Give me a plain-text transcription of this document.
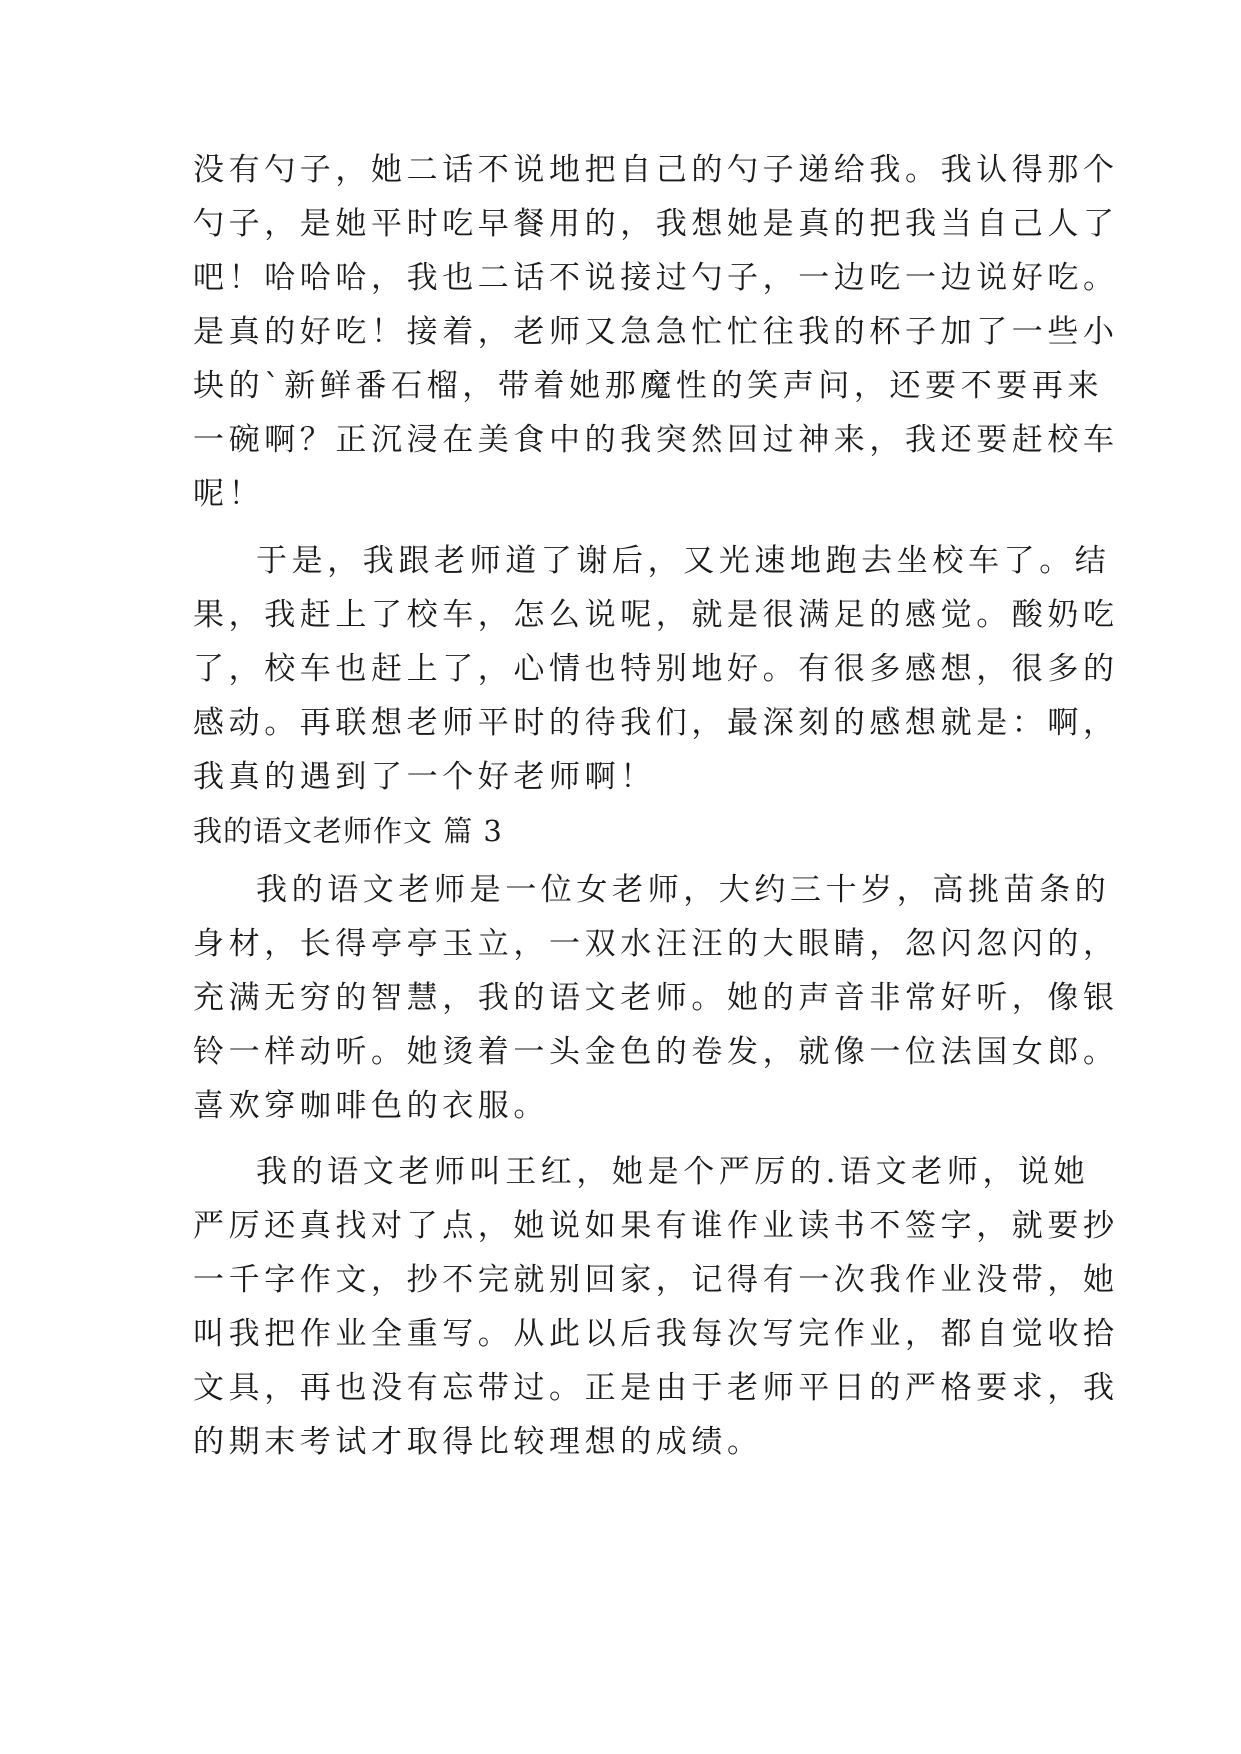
没有勺子，她二话不说地把自己的勺子递给我。我认得那个
勺子，是她平时吃早餐用的，我想她是真的把我当自己人了
吧！哈哈哈，我也二话不说接过勺子，一边吃一边说好吃。
是真的好吃！接着，老师又急急忙忙往我的杯子加了一些小
块的`新鲜番石榴，带着她那魔性的笑声问，还要不要再来
一碗啊？正沉浸在美食中的我突然回过神来，我还要赶校车
呢！
于是，我跟老师道了谢后，又光速地跑去坐校车了。结
果，我赶上了校车，怎么说呢，就是很满足的感觉。酸奶吃
了，校车也赶上了，心情也特别地好。有很多感想，很多的
感动。再联想老师平时的待我们，最深刻的感想就是：啊，
我真的遇到了一个好老师啊！
我的语文老师作文 篇 3
我的语文老师是一位女老师，大约三十岁，高挑苗条的
身材，长得亭亭玉立，一双水汪汪的大眼睛，忽闪忽闪的，
充满无穷的智慧，我的语文老师。她的声音非常好听，像银
铃一样动听。她烫着一头金色的卷发，就像一位法国女郎。
喜欢穿咖啡色的衣服。
我的语文老师叫王红，她是个严厉的.语文老师，说她
严厉还真找对了点，她说如果有谁作业读书不签字，就要抄
一千字作文，抄不完就别回家，记得有一次我作业没带，她
叫我把作业全重写。从此以后我每次写完作业，都自觉收拾
文具，再也没有忘带过。正是由于老师平日的严格要求，我
的期末考试才取得比较理想的成绩。
